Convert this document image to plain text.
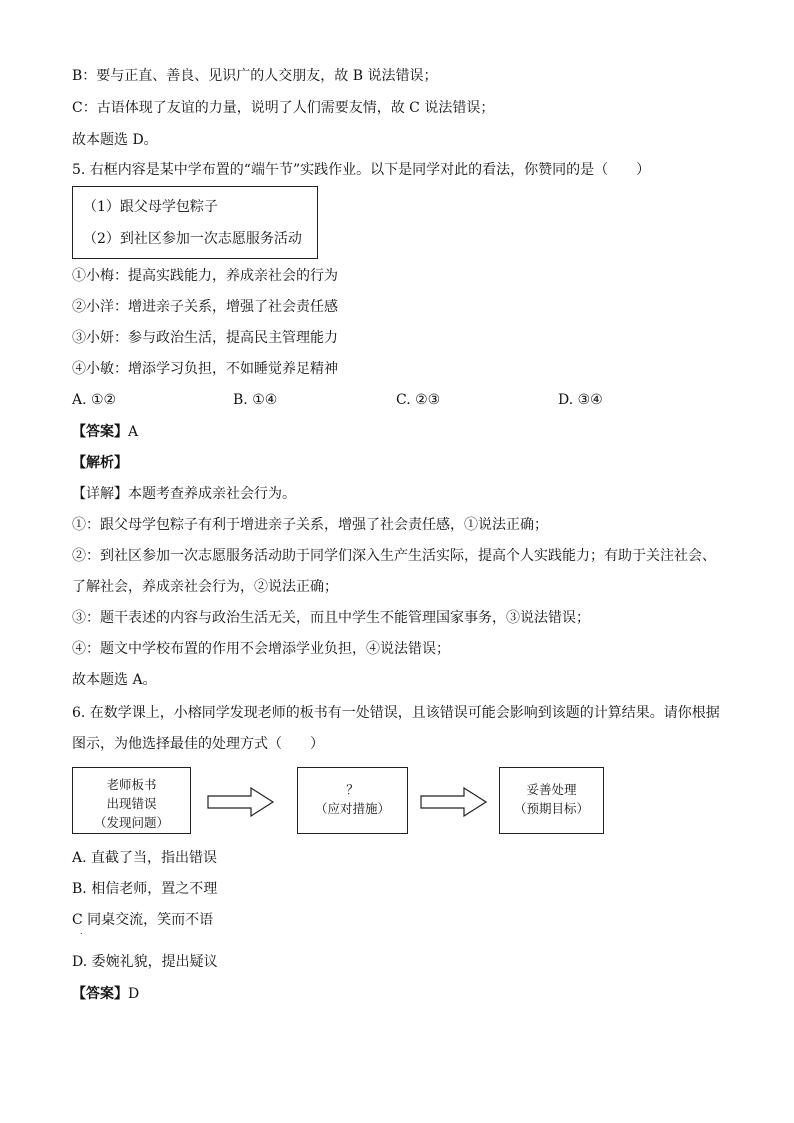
B：要与正直、善良、见识广的人交朋友，故 B 说法错误；
C：古语体现了友谊的力量，说明了人们需要友情，故 C 说法错误；
故本题选 D。
5. 右框内容是某中学布置的“端午节”实践作业。以下是同学对此的看法，你赞同的是（　　）
（1）跟父母学包粽子
（2）到社区参加一次志愿服务活动
①小梅：提高实践能力，养成亲社会的行为
②小洋：增进亲子关系，增强了社会责任感
③小妍：参与政治生活，提高民主管理能力
④小敏：增添学习负担，不如睡觉养足精神
A. ①②	B. ①④	C. ②③	D. ③④
【答案】A
【解析】
【详解】本题考查养成亲社会行为。
①：跟父母学包粽子有利于增进亲子关系，增强了社会责任感，①说法正确；
②：到社区参加一次志愿服务活动助于同学们深入生产生活实际，提高个人实践能力；有助于关注社会、
了解社会，养成亲社会行为，②说法正确；
③：题干表述的内容与政治生活无关，而且中学生不能管理国家事务，③说法错误；
④：题文中学校布置的作用不会增添学业负担，④说法错误；
故本题选 A。
6. 在数学课上，小榕同学发现老师的板书有一处错误，且该错误可能会影响到该题的计算结果。请你根据
图示，为他选择最佳的处理方式（　　）
老师板书
出现错误
（发现问题）
？
（应对措施）
妥善处理
（预期目标）
A. 直截了当，指出错误
B. 相信老师，置之不理
C 同桌交流，笑而不语
.
D. 委婉礼貌，提出疑议
【答案】D
